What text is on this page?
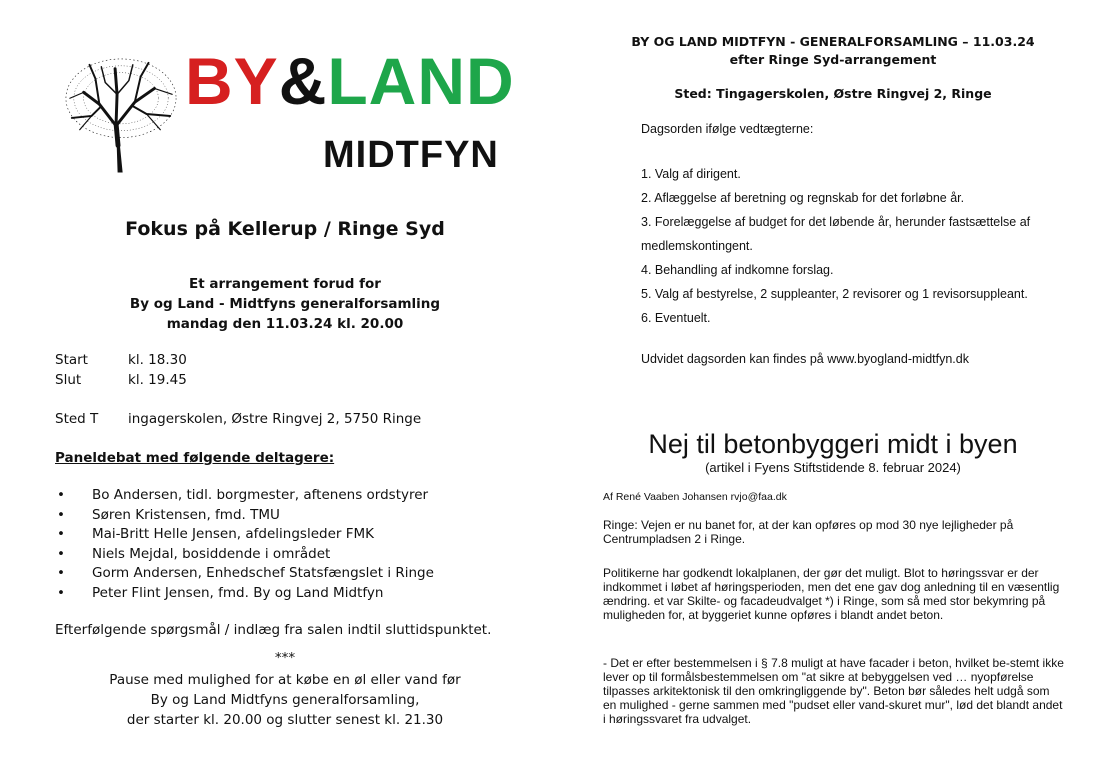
BY&LAND
MIDTFYN
Fokus på Kellerup / Ringe Syd
Et arrangement forud for
By og Land - Midtfyns generalforsamling
mandag den 11.03.24 kl. 20.00
Start	kl. 18.30
Slut	kl. 19.45
Sted T ingagerskolen, Østre Ringvej 2, 5750 Ringe
Paneldebat med følgende deltagere:
• Bo Andersen, tidl. borgmester, aftenens ordstyrer
• Søren Kristensen, fmd. TMU
• Mai-Britt Helle Jensen, afdelingsleder FMK
• Niels Mejdal, bosiddende i området
• Gorm Andersen, Enhedschef Statsfængslet i Ringe
• Peter Flint Jensen, fmd. By og Land Midtfyn
Efterfølgende spørgsmål / indlæg fra salen indtil sluttidspunktet.
***
Pause med mulighed for at købe en øl eller vand før
By og Land Midtfyns generalforsamling,
der starter kl. 20.00 og slutter senest kl. 21.30
BY OG LAND MIDTFYN - GENERALFORSAMLING – 11.03.24
efter Ringe Syd-arrangement
Sted: Tingagerskolen, Østre Ringvej 2, Ringe
Dagsorden ifølge vedtægterne:
1. Valg af dirigent.
2. Aflæggelse af beretning og regnskab for det forløbne år.
3. Forelæggelse af budget for det løbende år, herunder fastsættelse af medlemskontingent.
4. Behandling af indkomne forslag.
5. Valg af bestyrelse, 2 suppleanter, 2 revisorer og 1 revisorsuppleant.
6. Eventuelt.
Udvidet dagsorden kan findes på www.byogland-midtfyn.dk
Nej til betonbyggeri midt i byen
(artikel i Fyens Stiftstidende 8. februar 2024)
Af René Vaaben Johansen rvjo@faa.dk
Ringe: Vejen er nu banet for, at der kan opføres op mod 30 nye lejligheder på Centrumpladsen 2 i Ringe.
Politikerne har godkendt lokalplanen, der gør det muligt. Blot to høringssvar er der indkommet i løbet af høringsperioden, men det ene gav dog anledning til en væsentlig ændring. et var Skilte- og facadeudvalget *) i Ringe, som så med stor bekymring på muligheden for, at byggeriet kunne opføres i blandt andet beton.
- Det er efter bestemmelsen i § 7.8 muligt at have facader i beton, hvilket be-stemt ikke lever op til formålsbestemmelsen om "at sikre at bebyggelsen ved … nyopførelse tilpasses arkitektonisk til den omkringliggende by". Beton bør således helt udgå som en mulighed - gerne sammen med "pudset eller vand-skuret mur", lød det blandt andet i høringssvaret fra udvalget.
